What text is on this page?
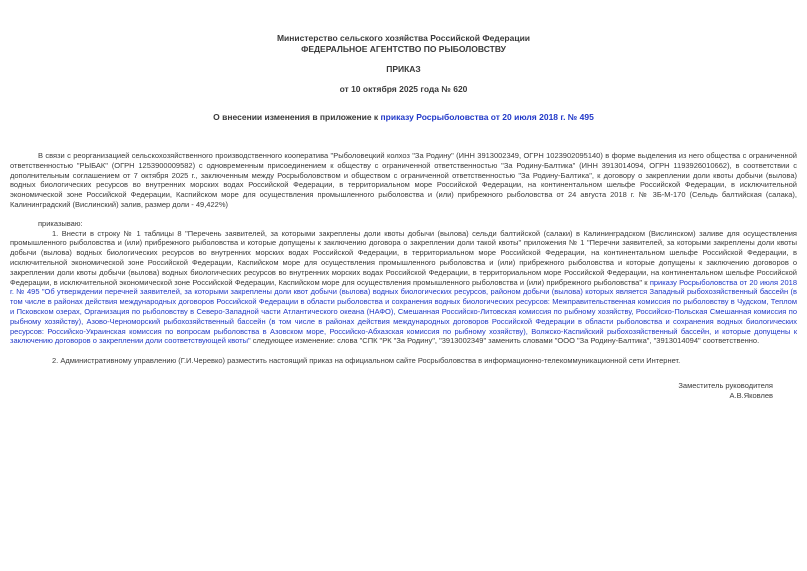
Министерство сельского хозяйства Российской Федерации
ФЕДЕРАЛЬНОЕ АГЕНТСТВО ПО РЫБОЛОВСТВУ
ПРИКАЗ
от 10 октября 2025 года № 620
О внесении изменения в приложение к приказу Росрыболовства от 20 июля 2018 г. № 495

В связи с реорганизацией сельскохозяйственного производственного кооператива "Рыболовецкий колхоз "За Родину" (ИНН 3913002349, ОГРН 1023902095140) в форме выделения из него общества с ограниченной ответственностью "РЫБАК" (ОГРН 1253900009582) с одновременным присоединением к обществу с ограниченной ответственностью "За Родину-Балтика" (ИНН 3913014094, ОГРН 1193926010662), в соответствии с дополнительным соглашением от 7 октября 2025 г., заключенным между Росрыболовством и обществом с ограниченной ответственностью "За Родину-Балтика", к договору о закреплении доли квоты добычи (вылова) водных биологических ресурсов во внутренних морских водах Российской Федерации, в территориальном море Российской Федерации, на континентальном шельфе Российской Федерации, в исключительной экономической зоне Российской Федерации, Каспийском море для осуществления промышленного рыболовства и (или) прибрежного рыболовства от 24 августа 2018 г. № 3Б-М-170 (Сельдь балтийская (салака), Калининградский (Вислинский) залив, размер доли - 49,422%)

приказываю:

1. Внести в строку № 1 таблицы 8 "Перечень заявителей, за которыми закреплены доли квоты добычи (вылова) сельди балтийской (салаки) в Калининградском (Вислинском) заливе для осуществления промышленного рыболовства и (или) прибрежного рыболовства и которые допущены к заключению договора о закреплении доли такой квоты" приложения № 1 "Перечни заявителей, за которыми закреплены доли квоты добычи (вылова) водных биологических ресурсов во внутренних морских водах Российской Федерации, в территориальном море Российской Федерации, на континентальном шельфе Российской Федерации, в исключительной экономической зоне Российской Федерации, Каспийском море для осуществления промышленного рыболовства и (или) прибрежного рыболовства и которые допущены к заключению договоров о закреплении доли квоты добычи (вылова) водных биологических ресурсов во внутренних морских водах Российской Федерации, в территориальном море Российской Федерации, на континентальном шельфе Российской Федерации, в исключительной экономической зоне Российской Федерации, Каспийском море для осуществления промышленного рыболовства и (или) прибрежного рыболовства" к приказу Росрыболовства от 20 июля 2018 г. № 495 "Об утверждении перечней заявителей, за которыми закреплены доли квот добычи (вылова) водных биологических ресурсов, районом добычи (вылова) которых является Западный рыбохозяйственный бассейн (в том числе в районах действия международных договоров Российской Федерации в области рыболовства и сохранения водных биологических ресурсов: Межправительственная комиссия по рыболовству в Чудском, Теплом и Псковском озерах, Организация по рыболовству в Северо-Западной части Атлантического океана (НАФО), Смешанная Российско-Литовская комиссия по рыбному хозяйству, Российско-Польская Смешанная комиссия по рыбному хозяйству), Азово-Черноморский рыбохозяйственный бассейн (в том числе в районах действия международных договоров Российской Федерации в области рыболовства и сохранения водных биологических ресурсов: Российско-Украинская комиссия по вопросам рыболовства в Азовском море, Российско-Абхазская комиссия по рыбному хозяйству), Волжско-Каспийский рыбохозяйственный бассейн, и которые допущены к заключению договоров о закреплении доли соответствующей квоты" следующее изменение: слова "СПК "РК "За Родину", "3913002349" заменить словами "ООО "За Родину-Балтика", "3913014094" соответственно.

2. Административному управлению (Г.И.Черевко) разместить настоящий приказ на официальном сайте Росрыболовства в информационно-телекоммуникационной сети Интернет.

Заместитель руководителя
А.В.Яковлев
